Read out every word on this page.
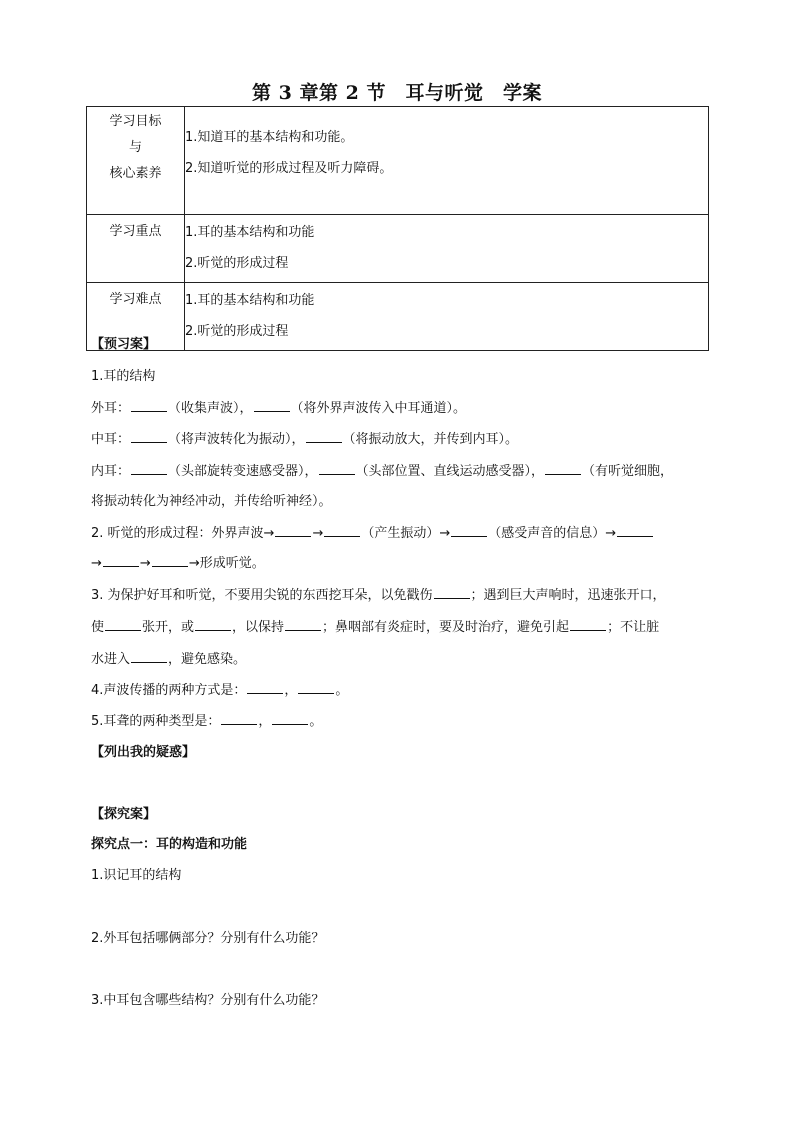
第 3 章第 2 节　耳与听觉　学案
学习目标
与
核心素养	1.知道耳的基本结构和功能。
2.知道听觉的形成过程及听力障碍。

学习重点	1.耳的基本结构和功能
2.听觉的形成过程

学习难点	1.耳的基本结构和功能
2.听觉的形成过程
【预习案】
1.耳的结构
外耳：	（收集声波），	（将外界声波传入中耳通道）。
中耳：	（将声波转化为振动），	（将振动放大，并传到内耳）。
内耳：	（头部旋转变速感受器），	（头部位置、直线运动感受器），	（有听觉细胞，
将振动转化为神经冲动，并传给听神经）。
2. 听觉的形成过程：外界声波→	→	（产生振动）→	（感受声音的信息）→
→	→	→形成听觉。
3. 为保护好耳和听觉，不要用尖锐的东西挖耳朵，以免戳伤	；遇到巨大声响时，迅速张开口，
使	张开，或	，以保持	；鼻咽部有炎症时，要及时治疗，避免引起	；不让脏
水进入	，避免感染。
4.声波传播的两种方式是：	，	。
5.耳聋的两种类型是：	，	。
【列出我的疑惑】
【探究案】
探究点一：耳的构造和功能
1.识记耳的结构
2.外耳包括哪俩部分？分别有什么功能？
3.中耳包含哪些结构？分别有什么功能？
